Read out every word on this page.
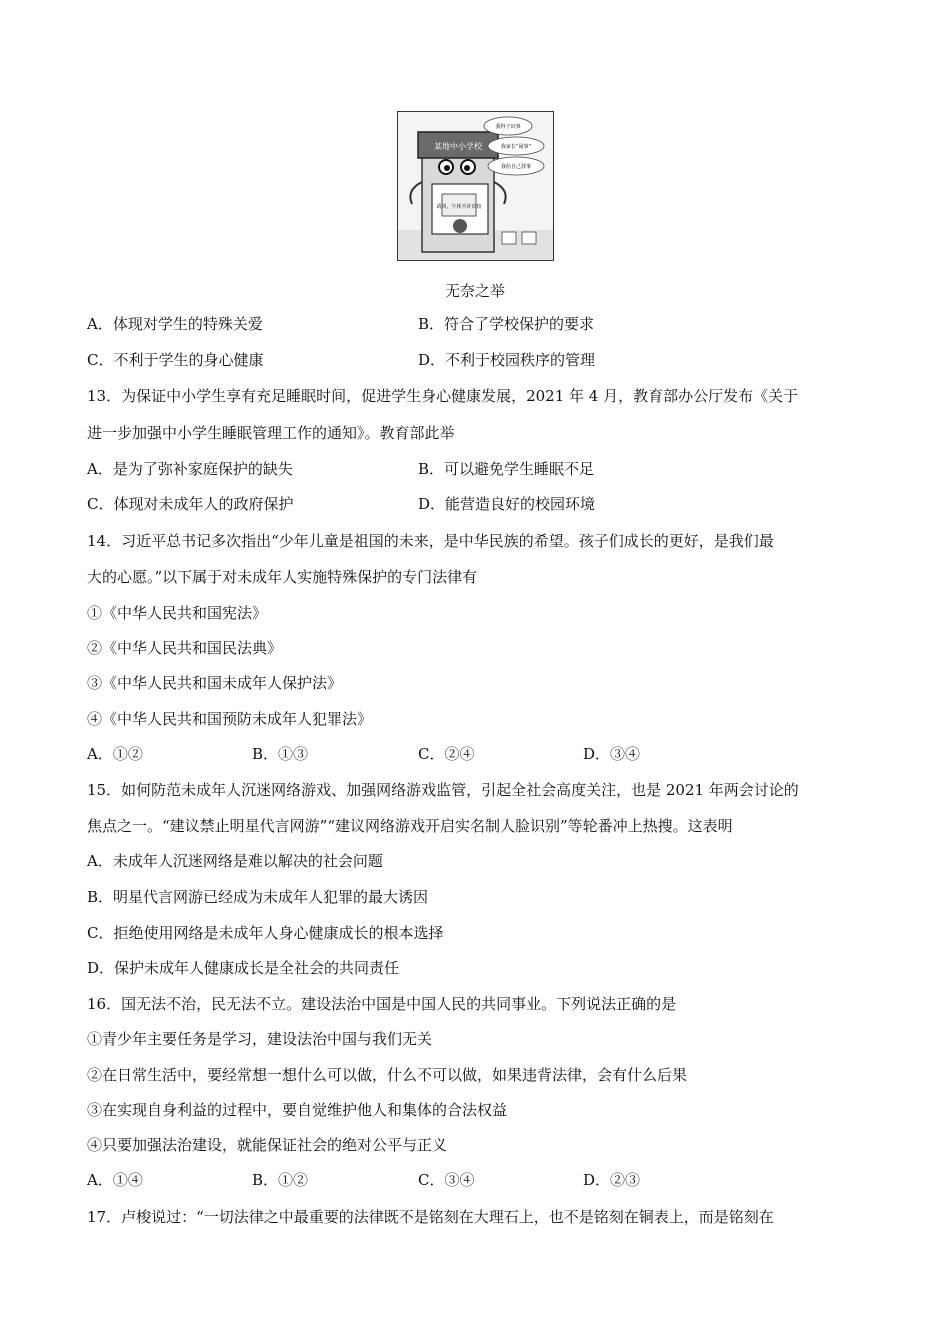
某地中小学校
请同、午休不许出校
我得子出事
我家长“闹事”
我给自己找事
无奈之举
A．体现对学生的特殊关爱	B．符合了学校保护的要求
C．不利于学生的身心健康	D．不利于校园秩序的管理
13．为保证中小学生享有充足睡眠时间，促进学生身心健康发展，2021 年 4 月，教育部办公厅发布《关于
进一步加强中小学生睡眠管理工作的通知》。教育部此举
A．是为了弥补家庭保护的缺失	B．可以避免学生睡眠不足
C．体现对未成年人的政府保护	D．能营造良好的校园环境
14．习近平总书记多次指出“少年儿童是祖国的未来，是中华民族的希望。孩子们成长的更好，是我们最
大的心愿。”以下属于对未成年人实施特殊保护的专门法律有
①《中华人民共和国宪法》
②《中华人民共和国民法典》
③《中华人民共和国未成年人保护法》
④《中华人民共和国预防未成年人犯罪法》
A．①②	B．①③	C．②④	D．③④
15．如何防范未成年人沉迷网络游戏、加强网络游戏监管，引起全社会高度关注，也是 2021 年两会讨论的
焦点之一。“建议禁止明星代言网游”“建议网络游戏开启实名制人脸识别”等轮番冲上热搜。这表明
A．未成年人沉迷网络是难以解决的社会问题
B．明星代言网游已经成为未成年人犯罪的最大诱因
C．拒绝使用网络是未成年人身心健康成长的根本选择
D．保护未成年人健康成长是全社会的共同责任
16．国无法不治，民无法不立。建设法治中国是中国人民的共同事业。下列说法正确的是
①青少年主要任务是学习，建设法治中国与我们无关
②在日常生活中，要经常想一想什么可以做，什么不可以做，如果违背法律，会有什么后果
③在实现自身利益的过程中，要自觉维护他人和集体的合法权益
④只要加强法治建设，就能保证社会的绝对公平与正义
A．①④	B．①②	C．③④	D．②③
17．卢梭说过：“一切法律之中最重要的法律既不是铭刻在大理石上，也不是铭刻在铜表上，而是铭刻在
